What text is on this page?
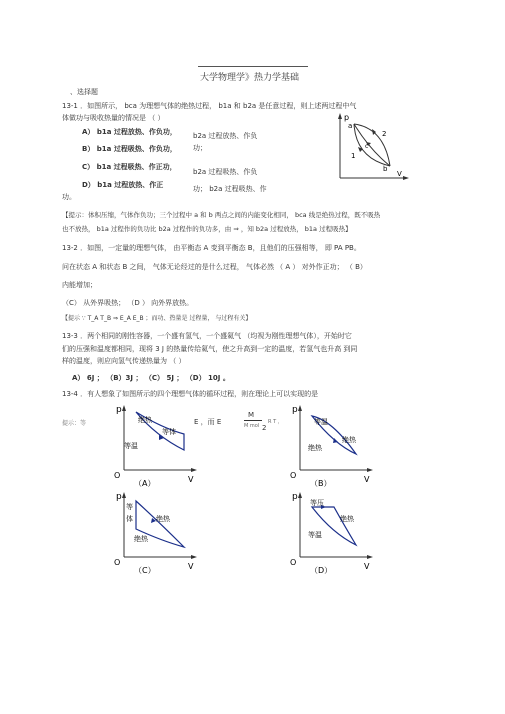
大学物理学》热力学基础
、选择题
13-1 ．如图所示， bca 为理想气体的绝热过程， b1a 和 b2a 是任意过程，则上述两过程中气
体做功与吸收热量的情况是 （ ）
A） b1a 过程放热、作负功，
B） b1a 过程吸热、作负功，
C） b1a 过程吸热、作正功，
D） b1a 过程放热、作正
功。
b2a 过程放热、作负
功；
b2a 过程吸热、作负
功； b2a 过程吸热、作
p
a
c
1
2
b
V
【提示：体积压缩，气体作负功；三个过程中 a 和 b 两点之间的内能变化相同， bca 线是绝热过程，既不吸热
也不放热， b1a 过程作的负功比 b2a 过程作的负功多，由 ⇒ ，知 b2a 过程放热， b1a 过程吸热】
13-2 ．如图，一定量的理想气体， 由平衡态 A 变到平衡态 B，且他们的压强相等， 即 PA PB。
问在状态 A 和状态 B 之间， 气体无论经过的是什么过程， 气体必然 （ A ） 对外作正功； （ B）
内能增加；
（C） 从外界吸热； （D ） 向外界放热。
【提示 ∵ T_A T_B ⇒ E_A E_B ；而功、热量是 过程量， 与过程有关】
13-3 ．两个相同的刚性容器，一个盛有氢气，一个盛氦气 （均视为刚性理想气体），开始时它
们的压强和温度都相同，现将 3 J 的热量传给氦气，使之升高到一定的温度，若氢气也升高 到同
样的温度，则应向氢气传递热量为 （ ）
A） 6J ； （B）3J ； （C） 5J ； （D） 10J 。
13-4 ．有人想象了如图所示的四个理想气体的循环过程，则在理论上可以实现的是
提示：等	E ，而 E
M
M mol
R T ，
2
p
O	V
绝热
等体
等温
（A）
p
O	V
等温
绝热
绝热
（B）
p
O	V
等
体	绝热
绝热
（C）
p
O	V
等压
绝热
等温
（D）
